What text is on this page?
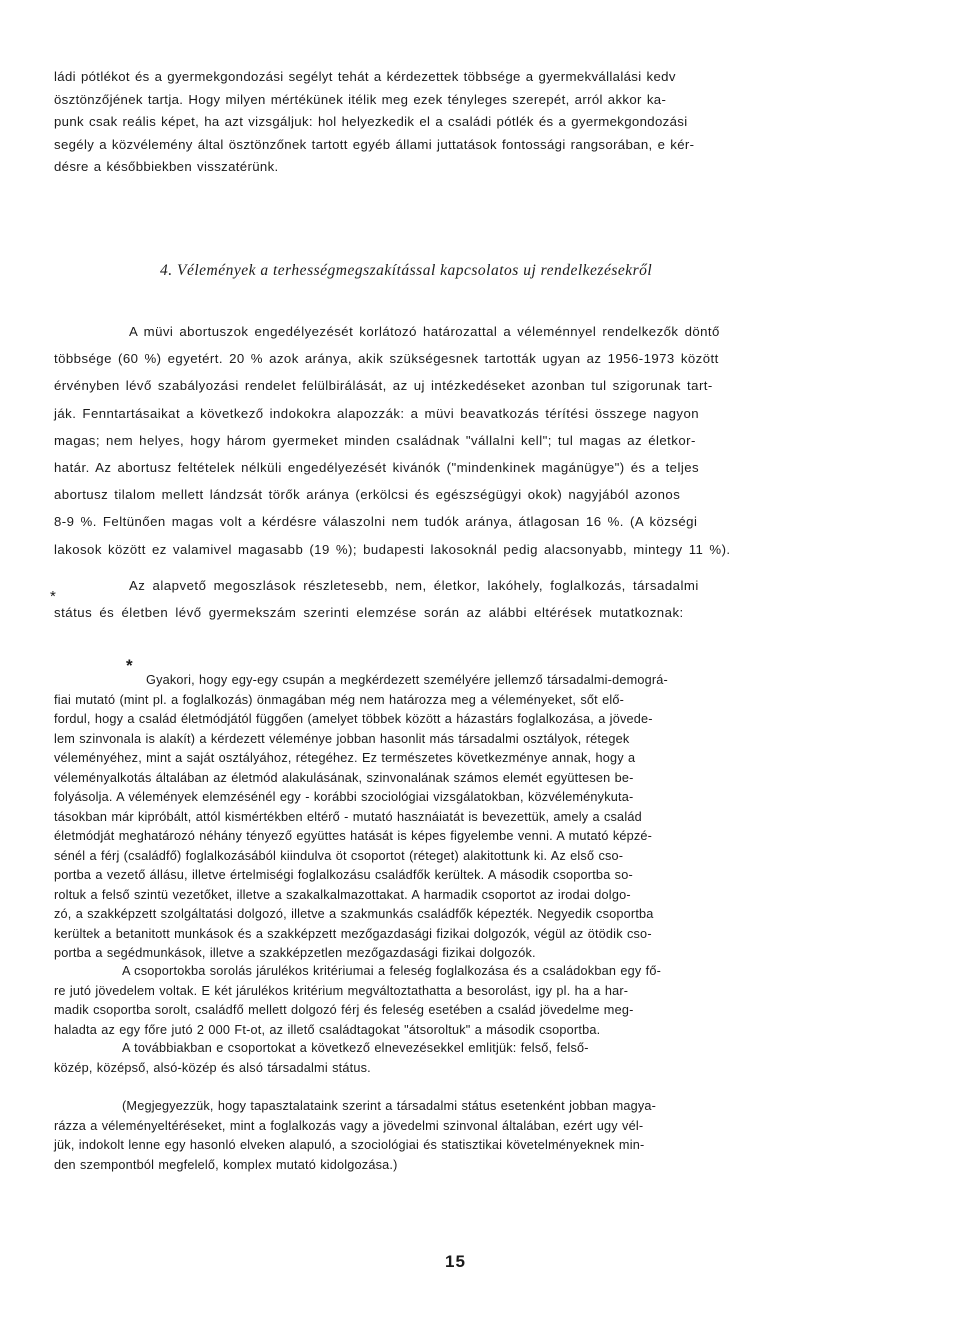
ládi pótlékot és a gyermekgondozási segélyt tehát a kérdezettek többsége a gyermekvállalási kedv
ösztönzőjének tartja. Hogy milyen mértékünek itélik meg ezek tényleges szerepét, arról akkor ka-
punk csak reális képet, ha azt vizsgáljuk: hol helyezkedik el a családi pótlék és a gyermekgondozási
segély a közvélemény által ösztönzőnek tartott egyéb állami juttatások fontossági rangsorában, e kér-
désre a későbbiekben visszatérünk.
4. Vélemények a terhességmegszakítással kapcsolatos uj rendelkezésekről
A müvi abortuszok engedélyezését korlátozó határozattal a véleménnyel rendelkezők döntő
többsége (60 %) egyetért. 20 % azok aránya, akik szükségesnek tartották ugyan az 1956-1973 között
érvényben lévő szabályozási rendelet felülbirálását, az uj intézkedéseket azonban tul szigorunak tart-
ják. Fenntartásaikat a következő indokokra alapozzák: a müvi beavatkozás térítési összege nagyon
magas; nem helyes, hogy három gyermeket minden családnak "vállalni kell"; tul magas az életkor-
határ. Az abortusz feltételek nélküli engedélyezését kivánók ("mindenkinek magánügye") és a teljes
abortusz tilalom mellett lándzsát törők aránya (erkölcsi és egészségügyi okok) nagyjából azonos
8-9 %. Feltünően magas volt a kérdésre válaszolni nem tudók aránya, átlagosan 16 %. (A községi
lakosok között ez valamivel magasabb (19 %); budapesti lakosoknál pedig alacsonyabb, mintegy 11 %).
Az alapvető megoszlások részletesebb, nem, életkor, lakóhely, foglalkozás, társadalmi
státus és életben lévő gyermekszám szerinti elemzése során az alábbi eltérések mutatkoznak:
*
*
Gyakori, hogy egy-egy csupán a megkérdezett személyére jellemző társadalmi-demográ-
fiai mutató (mint pl. a foglalkozás) önmagában még nem határozza meg a véleményeket, sőt elő-
fordul, hogy a család életmódjától függően (amelyet többek között a házastárs foglalkozása, a jövede-
lem szinvonala is alakít) a kérdezett véleménye jobban hasonlit más társadalmi osztályok, rétegek
véleményéhez, mint a saját osztályához, rétegéhez. Ez természetes következménye annak, hogy a
véleményalkotás általában az életmód alakulásának, szinvonalának számos elemét együttesen be-
folyásolja. A vélemények elemzésénél egy - korábbi szociológiai vizsgálatokban, közvéleménykuta-
tásokban már kipróbált, attól kismértékben eltérő - mutató hasznáiatát is bevezettük, amely a család
életmódját meghatározó néhány tényező együttes hatását is képes figyelembe venni. A mutató képzé-
sénél a férj (családfő) foglalkozásából kiindulva öt csoportot (réteget) alakitottunk ki. Az első cso-
portba a vezető állásu, illetve értelmiségi foglalkozásu családfők kerültek. A második csoportba so-
roltuk a felső szintü vezetőket, illetve a szakalkalmazottakat. A harmadik csoportot az irodai dolgo-
zó, a szakképzett szolgáltatási dolgozó, illetve a szakmunkás családfők képezték. Negyedik csoportba
kerültek a betanitott munkások és a szakképzett mezőgazdasági fizikai dolgozók, végül az ötödik cso-
portba a segédmunkások, illetve a szakképzetlen mezőgazdasági fizikai dolgozók.
A csoportokba sorolás járulékos kritériumai a feleség foglalkozása és a családokban egy fő-
re jutó jövedelem voltak. E két járulékos kritérium megváltoztathatta a besorolást, igy pl. ha a har-
madik csoportba sorolt, családfő mellett dolgozó férj és feleség esetében a család jövedelme meg-
haladta az egy főre jutó 2 000 Ft-ot, az illető családtagokat "átsoroltuk" a második csoportba.
A továbbiakban e csoportokat a következő elnevezésekkel emlitjük: felső, felső-
közép, középső, alsó-közép és alsó társadalmi státus.
(Megjegyezzük, hogy tapasztalataink szerint a társadalmi státus esetenként jobban magya-
rázza a véleményeltéréseket, mint a foglalkozás vagy a jövedelmi szinvonal általában, ezért ugy vél-
jük, indokolt lenne egy hasonló elveken alapuló, a szociológiai és statisztikai követelményeknek min-
den szempontból megfelelő, komplex mutató kidolgozása.)
15
